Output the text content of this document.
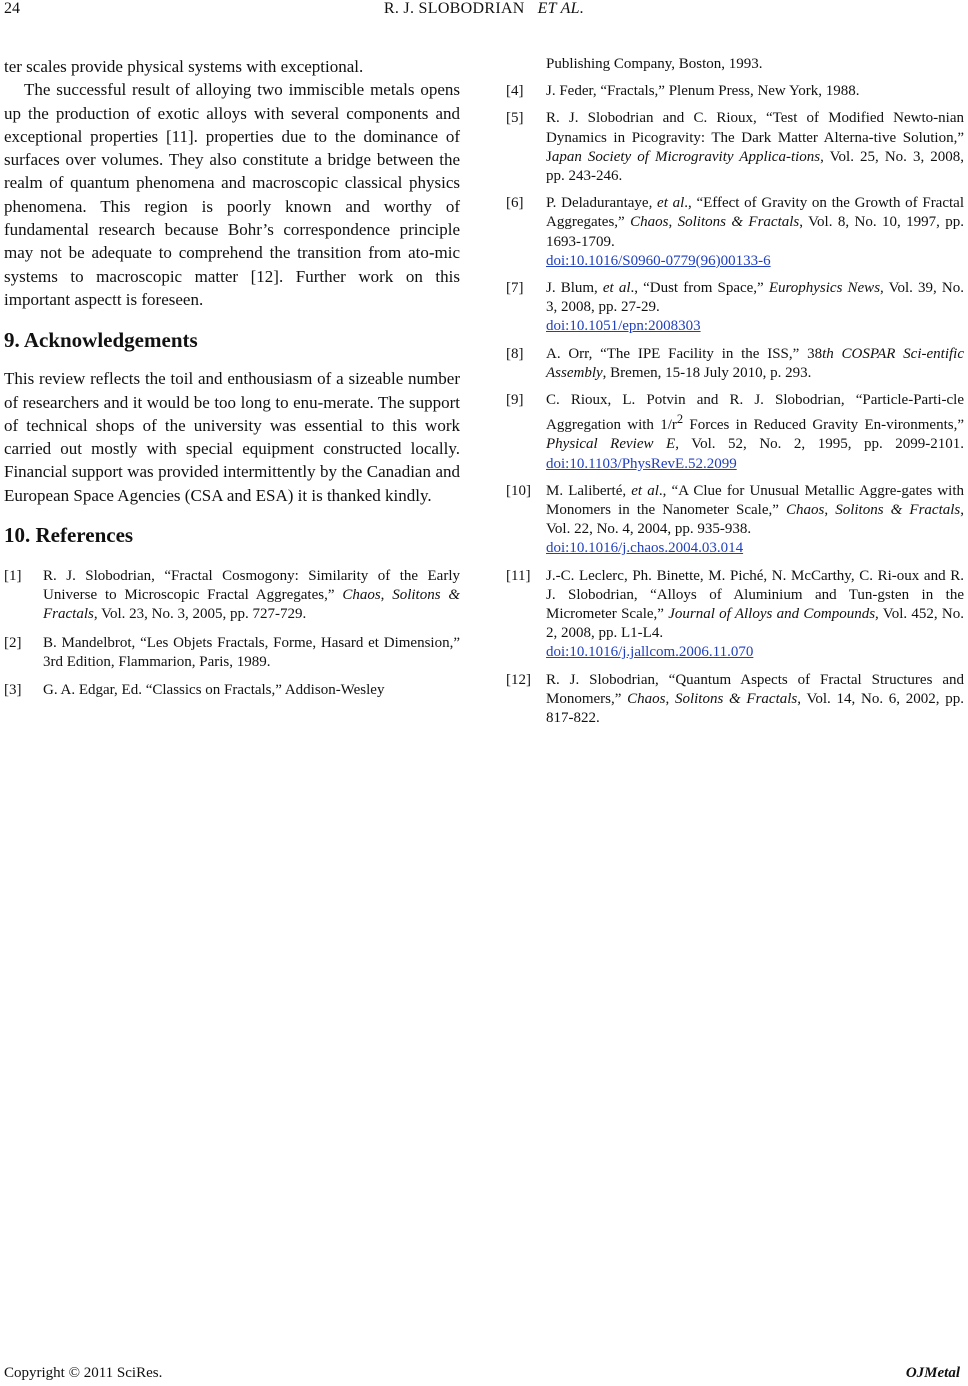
24	R. J. SLOBODRIAN ET AL.

ter scales provide physical systems with exceptional.

The successful result of alloying two immiscible metals opens up the production of exotic alloys with several components and exceptional properties [11]. properties due to the dominance of surfaces over volumes. They also constitute a bridge between the realm of quantum phenomena and macroscopic classical physics phenomena. This region is poorly known and worthy of fundamental research because Bohr’s correspondence principle may not be adequate to comprehend the transition from ato-mic systems to macroscopic matter [12]. Further work on this important aspectt is foreseen.

9. Acknowledgements

This review reflects the toil and enthousiasm of a sizeable number of researchers and it would be too long to enu-merate. The support of technical shops of the university was essential to this work carried out mostly with special equipment constructed locally. Financial support was provided intermittently by the Canadian and European Space Agencies (CSA and ESA) it is thanked kindly.

10. References
[1] R. J. Slobodrian, “Fractal Cosmogony: Similarity of the Early Universe to Microscopic Fractal Aggregates,” Chaos, Solitons & Fractals, Vol. 23, No. 3, 2005, pp. 727-729.
[2] B. Mandelbrot, “Les Objets Fractals, Forme, Hasard et Dimension,” 3rd Edition, Flammarion, Paris, 1989.
[3] G. A. Edgar, Ed. “Classics on Fractals,” Addison-Wesley
Publishing Company, Boston, 1993.
[4] J. Feder, “Fractals,” Plenum Press, New York, 1988.
[5] R. J. Slobodrian and C. Rioux, “Test of Modified Newto-nian Dynamics in Picogravity: The Dark Matter Alterna-tive Solution,” Japan Society of Microgravity Applica-tions, Vol. 25, No. 3, 2008, pp. 243-246.
[6] P. Deladurantaye, et al., “Effect of Gravity on the Growth of Fractal Aggregates,” Chaos, Solitons & Fractals, Vol. 8, No. 10, 1997, pp. 1693-1709.
doi:10.1016/S0960-0779(96)00133-6
[7] J. Blum, et al., “Dust from Space,” Europhysics News, Vol. 39, No. 3, 2008, pp. 27-29.
doi:10.1051/epn:2008303
[8] A. Orr, “The IPE Facility in the ISS,” 38th COSPAR Sci-entific Assembly, Bremen, 15-18 July 2010, p. 293.
[9] C. Rioux, L. Potvin and R. J. Slobodrian, “Particle-Parti-cle Aggregation with $1/r^2$ Forces in Reduced Gravity En-vironments,” Physical Review E, Vol. 52, No. 2, 1995, pp. 2099-2101. doi:10.1103/PhysRevE.52.2099
[10] M. Laliberté, et al., “A Clue for Unusual Metallic Aggre-gates with Monomers in the Nanometer Scale,” Chaos, Solitons & Fractals, Vol. 22, No. 4, 2004, pp. 935-938.
doi:10.1016/j.chaos.2004.03.014
[11] J.-C. Leclerc, Ph. Binette, M. Piché, N. McCarthy, C. Ri-oux and R. J. Slobodrian, “Alloys of Aluminium and Tun-gsten in the Micrometer Scale,” Journal of Alloys and Compounds, Vol. 452, No. 2, 2008, pp. L1-L4.
doi:10.1016/j.jallcom.2006.11.070
[12] R. J. Slobodrian, “Quantum Aspects of Fractal Structures and Monomers,” Chaos, Solitons & Fractals, Vol. 14, No. 6, 2002, pp. 817-822.
Copyright © 2011 SciRes.	OJMetal
